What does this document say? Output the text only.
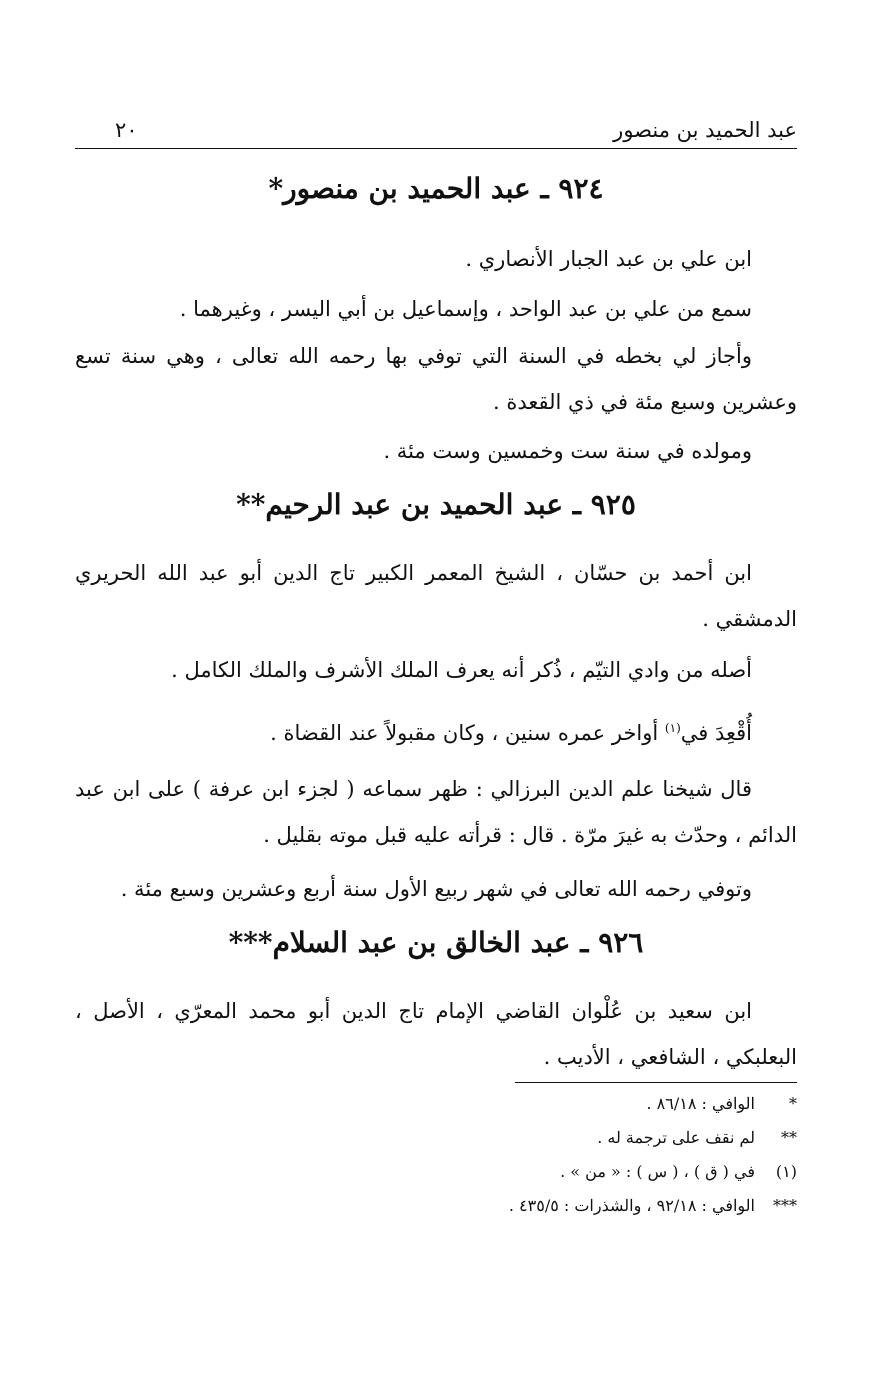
عبد الحميد بن منصور
٢٠
٩٢٤ ـ عبد الحميد بن منصور*
ابن علي بن عبد الجبار الأنصاري .
سمع من علي بن عبد الواحد ، وإسماعيل بن أبي اليسر ، وغيرهما .
وأجاز لي بخطه في السنة التي توفي بها رحمه الله تعالى ، وهي سنة تسع وعشرين وسبع مئة في ذي القعدة .
ومولده في سنة ست وخمسين وست مئة .
٩٢٥ ـ عبد الحميد بن عبد الرحيم**
ابن أحمد بن حسّان ، الشيخ المعمر الكبير تاج الدين أبو عبد الله الحريري الدمشقي .
أصله من وادي التيّم ، ذُكر أنه يعرف الملك الأشرف والملك الكامل .
أُقْعِدَ في$^{(١)}$ أواخر عمره سنين ، وكان مقبولاً عند القضاة .
قال شيخنا علم الدين البرزالي : ظهر سماعه ( لجزء ابن عرفة ) على ابن عبد الدائم ، وحدّث به غيرَ مرّة . قال : قرأته عليه قبل موته بقليل .
وتوفي رحمه الله تعالى في شهر ربيع الأول سنة أربع وعشرين وسبع مئة .
٩٢٦ ـ عبد الخالق بن عبد السلام***
ابن سعيد بن عُلْوان القاضي الإمام تاج الدين أبو محمد المعرّي ، الأصل ، البعلبكي ، الشافعي ، الأديب .
*الوافي : ٨٦/١٨ .
**لم نقف على ترجمة له .
(١)في ( ق ) ، ( س ) : « من » .
***الوافي : ٩٢/١٨ ، والشذرات : ٤٣٥/٥ .
